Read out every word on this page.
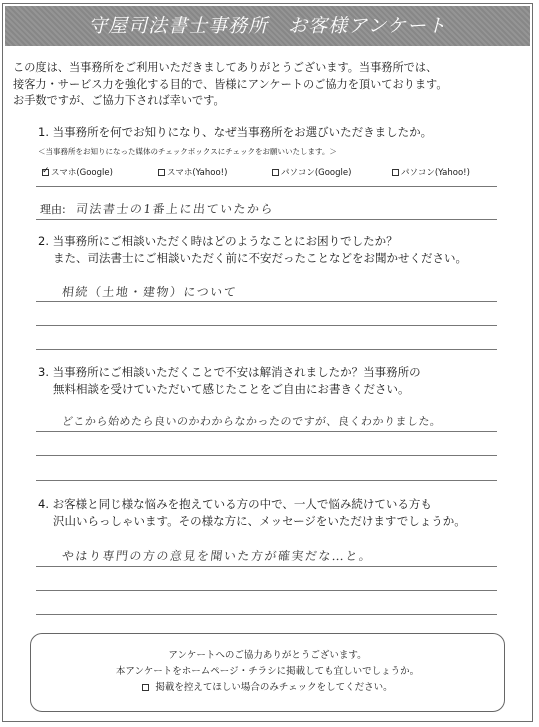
守屋司法書士事務所　お客様アンケート
この度は、当事務所をご利用いただきましてありがとうございます。当事務所では、
接客力・サービス力を強化する目的で、皆様にアンケートのご協力を頂いております。
お手数ですが、ご協力下されば幸いです。
1. 当事務所を何でお知りになり、なぜ当事務所をお選びいただきましたか。
＜当事務所をお知りになった媒体のチェックボックスにチェックをお願いいたします。＞
✓
スマホ(Google)	スマホ(Yahoo!)	パソコン(Google)	パソコン(Yahoo!)
理由: 司法書士の1番上に出ていたから
2. 当事務所にご相談いただく時はどのようなことにお困りでしたか？
また、司法書士にご相談いただく前に不安だったことなどをお聞かせください。
相続（土地・建物）について
3. 当事務所にご相談いただくことで不安は解消されましたか？当事務所の
無料相談を受けていただいて感じたことをご自由にお書きください。
どこから始めたら良いのかわからなかったのですが、良くわかりました。
4. お客様と同じ様な悩みを抱えている方の中で、一人で悩み続けている方も
沢山いらっしゃいます。その様な方に、メッセージをいただけますでしょうか。
やはり専門の方の意見を聞いた方が確実だな…と。
アンケートへのご協力ありがとうございます。
本アンケートをホームページ・チラシに掲載しても宜しいでしょうか。
掲載を控えてほしい場合のみチェックをしてください。
